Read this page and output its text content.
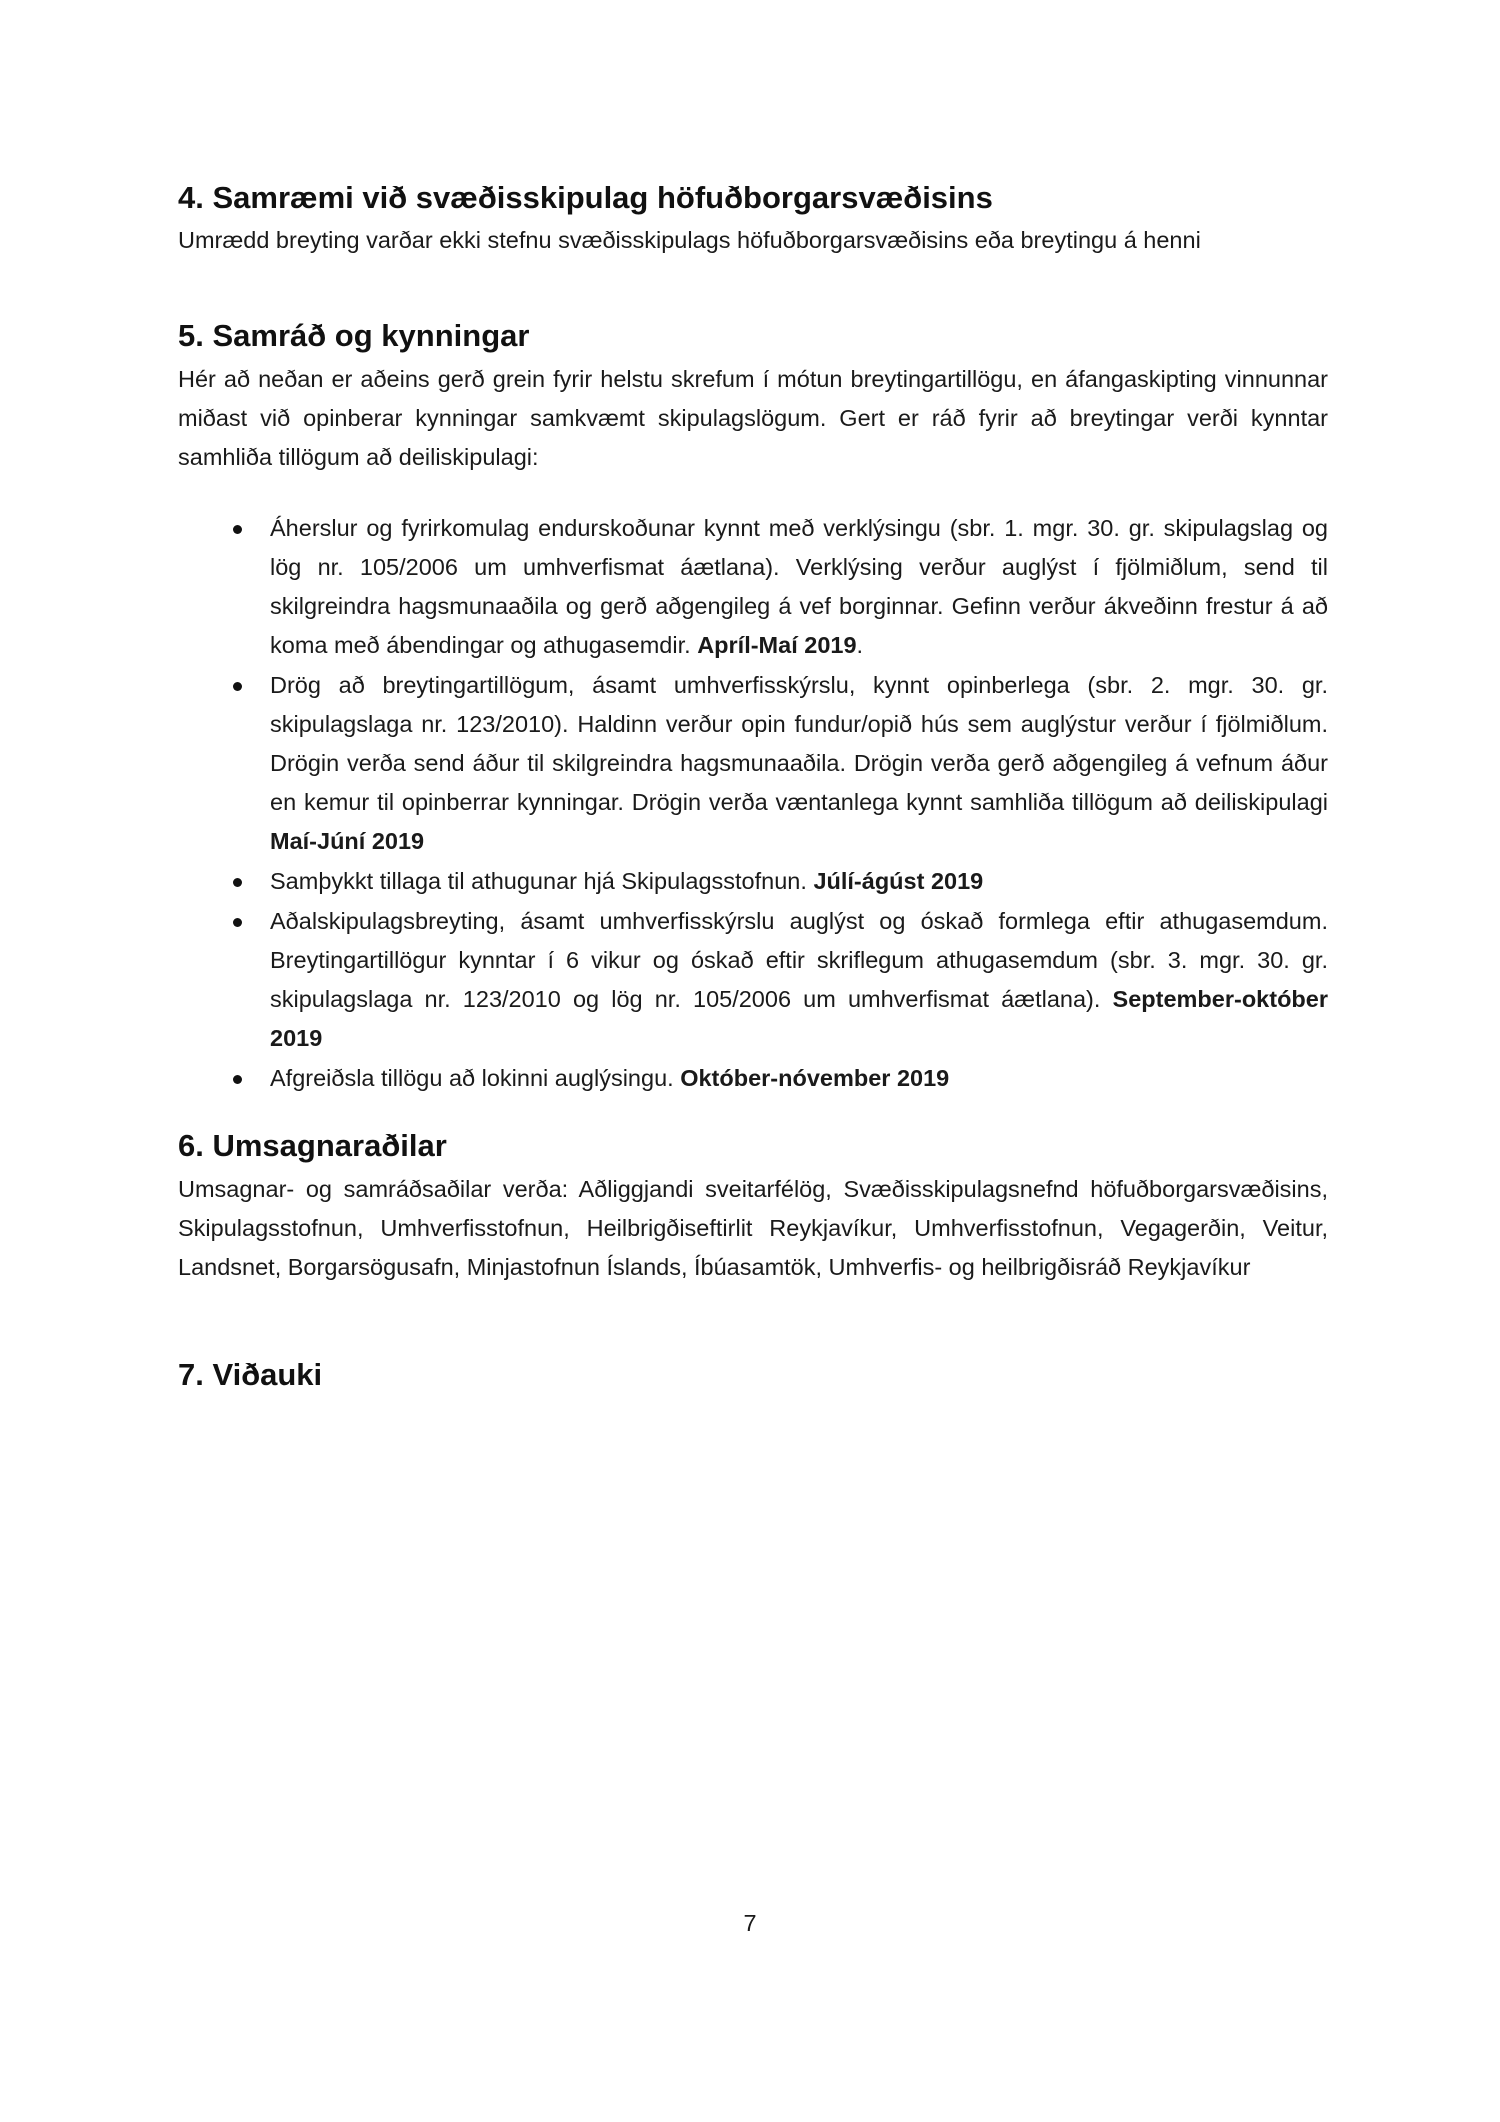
4. Samræmi við svæðisskipulag höfuðborgarsvæðisins

Umrædd breyting varðar ekki stefnu svæðisskipulags höfuðborgarsvæðisins eða breytingu á henni

5. Samráð og kynningar

Hér að neðan er aðeins gerð grein fyrir helstu skrefum í mótun breytingartillögu, en áfangaskipting vinnunnar miðast við opinberar kynningar samkvæmt skipulagslögum. Gert er ráð fyrir að breytingar verði kynntar samhliða tillögum að deiliskipulagi:

Áherslur og fyrirkomulag endurskoðunar kynnt með verklýsingu (sbr. 1. mgr. 30. gr. skipulagslag og lög nr. 105/2006 um umhverfismat áætlana). Verklýsing verður auglýst í fjölmiðlum, send til skilgreindra hagsmunaaðila og gerð aðgengileg á vef borginnar. Gefinn verður ákveðinn frestur á að koma með ábendingar og athugasemdir. Apríl-Maí 2019.
Drög að breytingartillögum, ásamt umhverfisskýrslu, kynnt opinberlega (sbr. 2. mgr. 30. gr. skipulagslaga nr. 123/2010). Haldinn verður opin fundur/opið hús sem auglýstur verður í fjölmiðlum. Drögin verða send áður til skilgreindra hagsmunaaðila. Drögin verða gerð aðgengileg á vefnum áður en kemur til opinberrar kynningar. Drögin verða væntanlega kynnt samhliða tillögum að deiliskipulagi Maí-Júní 2019
Samþykkt tillaga til athugunar hjá Skipulagsstofnun. Júlí-ágúst 2019
Aðalskipulagsbreyting, ásamt umhverfisskýrslu auglýst og óskað formlega eftir athugasemdum. Breytingartillögur kynntar í 6 vikur og óskað eftir skriflegum athugasemdum (sbr. 3. mgr. 30. gr. skipulagslaga nr. 123/2010 og lög nr. 105/2006 um umhverfismat áætlana). September-október 2019
Afgreiðsla tillögu að lokinni auglýsingu. Október-nóvember 2019
6. Umsagnaraðilar

Umsagnar- og samráðsaðilar verða: Aðliggjandi sveitarfélög, Svæðisskipulagsnefnd höfuðborgarsvæðisins, Skipulagsstofnun, Umhverfisstofnun, Heilbrigðiseftirlit Reykjavíkur, Umhverfisstofnun, Vegagerðin, Veitur, Landsnet, Borgarsögusafn, Minjastofnun Íslands, Íbúasamtök, Umhverfis- og heilbrigðisráð Reykjavíkur

7. Viðauki
7
